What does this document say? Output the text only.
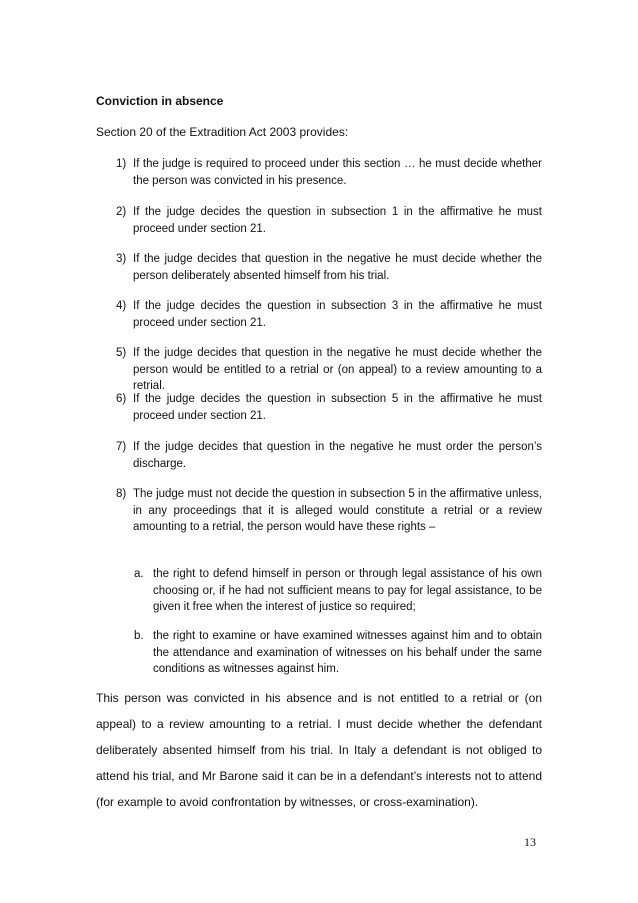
Conviction in absence
Section 20 of the Extradition Act 2003 provides:
1) If the judge is required to proceed under this section … he must decide whether the person was convicted in his presence.
2) If the judge decides the question in subsection 1 in the affirmative he must proceed under section 21.
3) If the judge decides that question in the negative he must decide whether the person deliberately absented himself from his trial.
4) If the judge decides the question in subsection 3 in the affirmative he must proceed under section 21.
5) If the judge decides that question in the negative he must decide whether the person would be entitled to a retrial or (on appeal) to a review amounting to a retrial.
6) If the judge decides the question in subsection 5 in the affirmative he must proceed under section 21.
7) If the judge decides that question in the negative he must order the person’s discharge.
8) The judge must not decide the question in subsection 5 in the affirmative unless, in any proceedings that it is alleged would constitute a retrial or a review amounting to a retrial, the person would have these rights –
a. the right to defend himself in person or through legal assistance of his own choosing or, if he had not sufficient means to pay for legal assistance, to be given it free when the interest of justice so required;
b. the right to examine or have examined witnesses against him and to obtain the attendance and examination of witnesses on his behalf under the same conditions as witnesses against him.
This person was convicted in his absence and is not entitled to a retrial or (on
appeal) to a review amounting to a retrial. I must decide whether the defendant
deliberately absented himself from his trial. In Italy a defendant is not obliged to
attend his trial, and Mr Barone said it can be in a defendant’s interests not to attend
(for example to avoid confrontation by witnesses, or cross-examination).
13
